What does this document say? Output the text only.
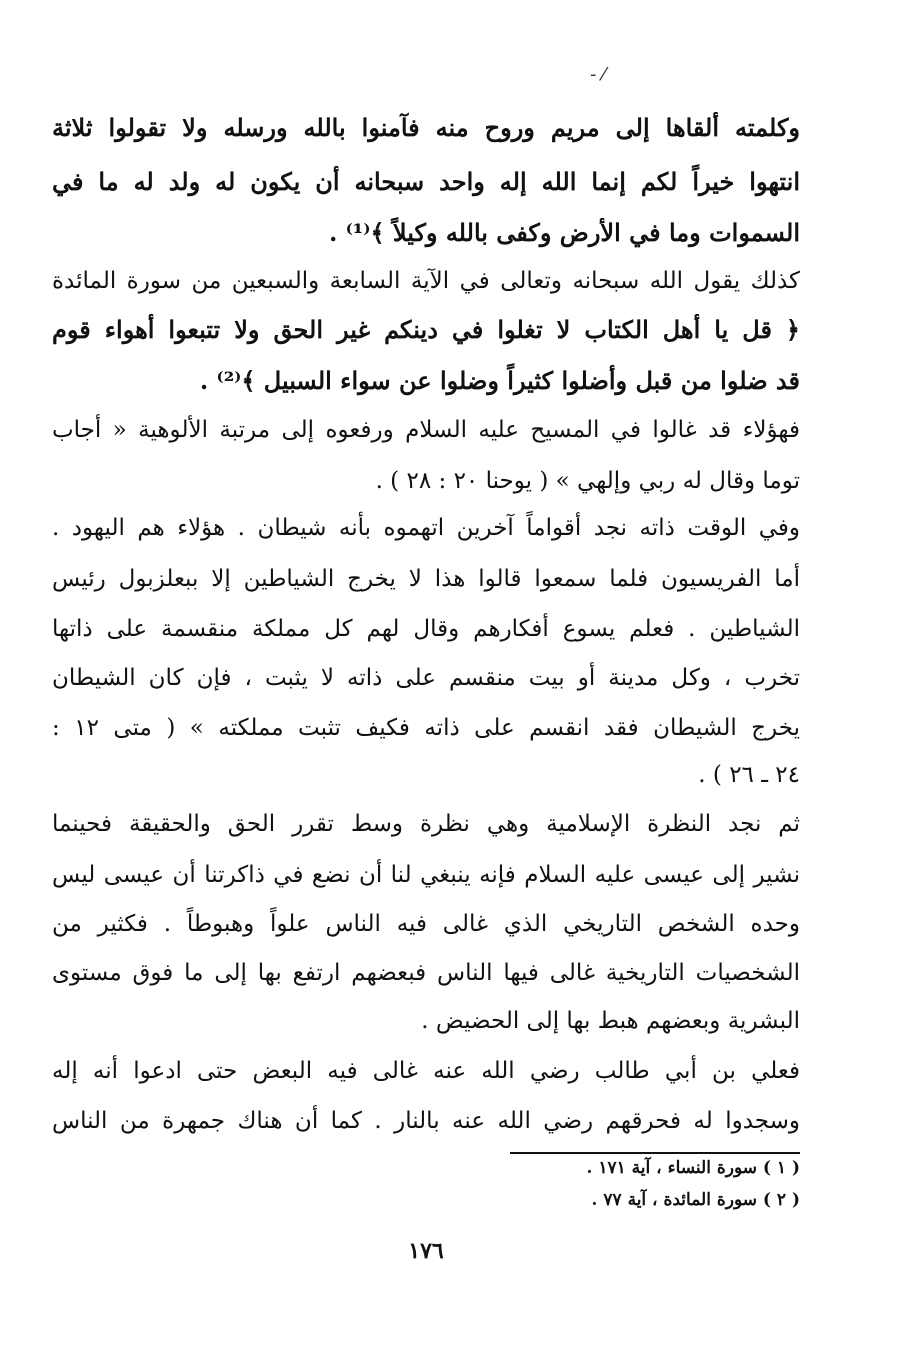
- ⁄
وكلمته ألقاها إلى مريم وروح منه فآمنوا بالله ورسله ولا تقولوا ثلاثة
انتهوا خيراً لكم إنما الله إله واحد سبحانه أن يكون له ولد له ما في
السموات وما في الأرض وكفى بالله وكيلاً ﴾⁽¹⁾ .
كذلك يقول الله سبحانه وتعالى في الآية السابعة والسبعين من سورة المائدة
﴿ قل يا أهل الكتاب لا تغلوا في دينكم غير الحق ولا تتبعوا أهواء قوم
قد ضلوا من قبل وأضلوا كثيراً وضلوا عن سواء السبيل ﴾⁽²⁾ .
فهؤلاء قد غالوا في المسيح عليه السلام ورفعوه إلى مرتبة الألوهية « أجاب
توما وقال له ربي وإلهي » ( يوحنا ٢٠ : ٢٨ ) .
وفي الوقت ذاته نجد أقواماً آخرين اتهموه بأنه شيطان . هؤلاء هم اليهود .
أما الفريسيون فلما سمعوا قالوا هذا لا يخرج الشياطين إلا ببعلزبول رئيس
الشياطين . فعلم يسوع أفكارهم وقال لهم كل مملكة منقسمة على ذاتها
تخرب ، وكل مدينة أو بيت منقسم على ذاته لا يثبت ، فإن كان الشيطان
يخرج الشيطان فقد انقسم على ذاته فكيف تثبت مملكته » ( متى ١٢ :
٢٤ ـ ٢٦ ) .
ثم نجد النظرة الإسلامية وهي نظرة وسط تقرر الحق والحقيقة فحينما
نشير إلى عيسى عليه السلام فإنه ينبغي لنا أن نضع في ذاكرتنا أن عيسى ليس
وحده الشخص التاريخي الذي غالى فيه الناس علواً وهبوطاً . فكثير من
الشخصيات التاريخية غالى فيها الناس فبعضهم ارتفع بها إلى ما فوق مستوى
البشرية وبعضهم هبط بها إلى الحضيض .
فعلي بن أبي طالب رضي الله عنه غالى فيه البعض حتى ادعوا أنه إله
وسجدوا له فحرقهم رضي الله عنه بالنار . كما أن هناك جمهرة من الناس
( ١ ) سورة النساء ، آية ١٧١ .
( ٢ ) سورة المائدة ، آية ٧٧ .
١٧٦
